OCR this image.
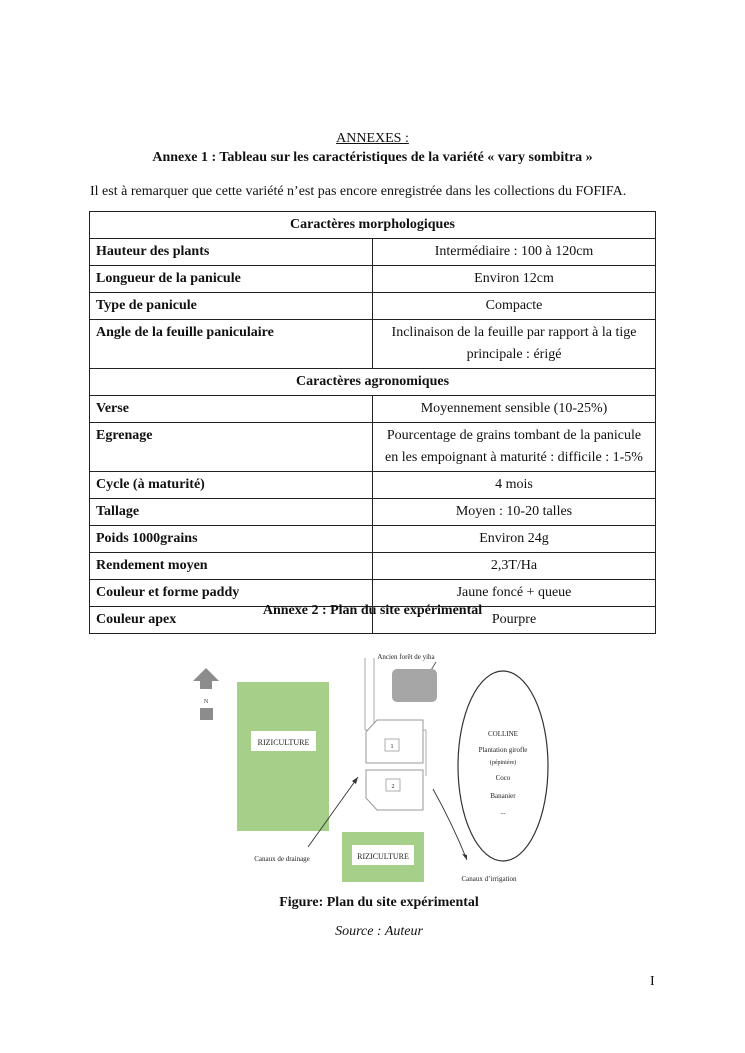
ANNEXES :
Annexe 1 : Tableau sur les caractéristiques de la variété « vary sombitra »
Il est à remarquer que cette variété n’est pas encore enregistrée dans les collections du FOFIFA.
Caractères morphologiques	
Hauteur des plants	Intermédiaire : 100 à 120cm
Longueur de la panicule	Environ 12cm
Type de panicule	Compacte
Angle de la feuille paniculaire	Inclinaison de la feuille par rapport à la tige principale : érigé
Caractères agronomiques	
Verse	Moyennement sensible (10-25%)
Egrenage	Pourcentage de grains tombant de la panicule en les empoignant à maturité : difficile : 1-5%
Cycle (à maturité)	4 mois
Tallage	Moyen : 10-20 talles
Poids 1000grains	Environ 24g
Rendement moyen	2,3T/Ha
Couleur et forme paddy	Jaune foncé + queue
Couleur apex	Pourpre
Annexe 2 : Plan du site expérimental
N
RIZICULTURE	1
2
Ancien forêt de yiha
COLLINE
Plantation girofle
(pépinière)
Coco
Bananier
...
RIZICULTURE
Canaux de drainage
Canaux d’irrigation
Figure: Plan du site expérimental
Source : Auteur
I
